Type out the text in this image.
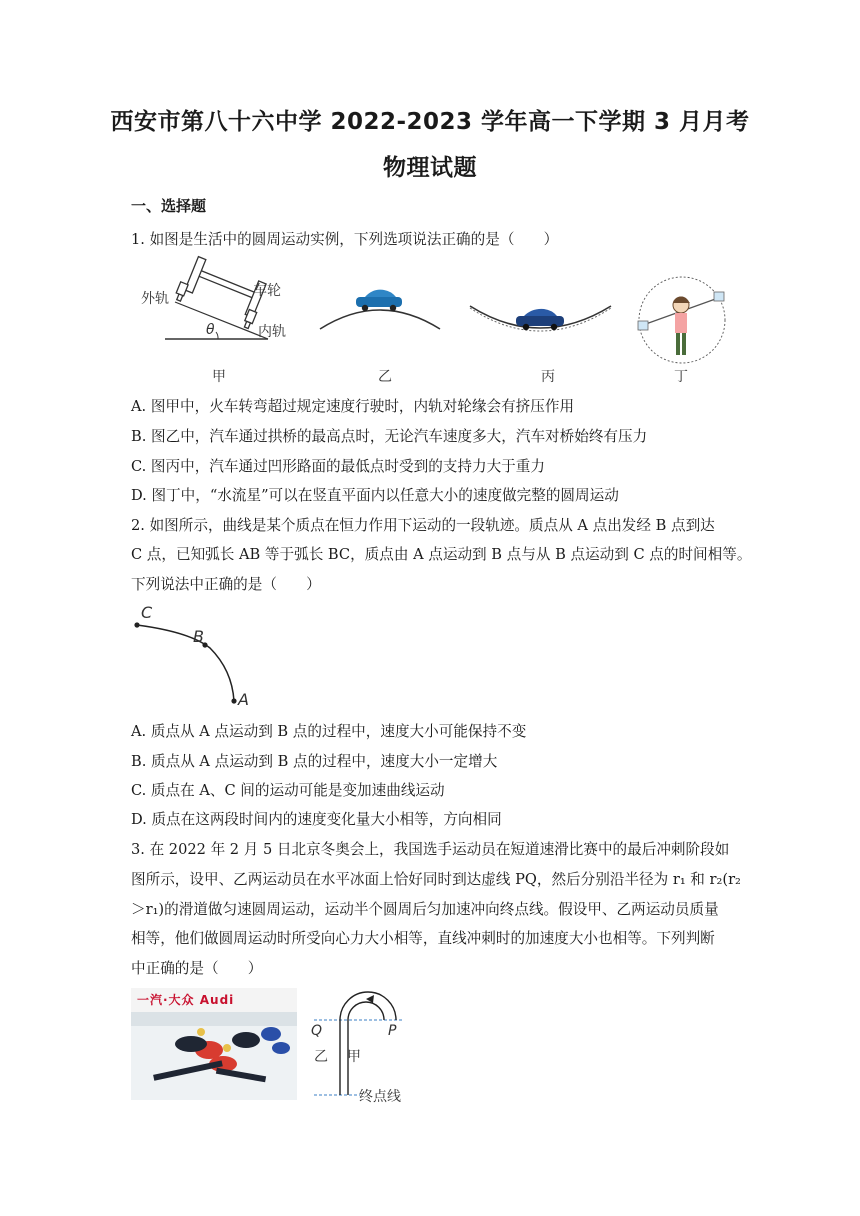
西安市第八十六中学 2022-2023 学年高一下学期 3 月月考
物理试题
一、选择题
1. 如图是生活中的圆周运动实例，下列选项说法正确的是（　　）
外轨	车轮
内轨
θ
甲	乙	丙	丁
A. 图甲中，火车转弯超过规定速度行驶时，内轨对轮缘会有挤压作用
B. 图乙中，汽车通过拱桥的最高点时，无论汽车速度多大，汽车对桥始终有压力
C. 图丙中，汽车通过凹形路面的最低点时受到的支持力大于重力
D. 图丁中，“水流星”可以在竖直平面内以任意大小的速度做完整的圆周运动
2. 如图所示，曲线是某个质点在恒力作用下运动的一段轨迹。质点从 A 点出发经 B 点到达
C 点，已知弧长 AB 等于弧长 BC，质点由 A 点运动到 B 点与从 B 点运动到 C 点的时间相等。
下列说法中正确的是（　　）
C
B
A
A. 质点从 A 点运动到 B 点的过程中，速度大小可能保持不变
B. 质点从 A 点运动到 B 点的过程中，速度大小一定增大
C. 质点在 A、C 间的运动可能是变加速曲线运动
D. 质点在这两段时间内的速度变化量大小相等，方向相同
3. 在 2022 年 2 月 5 日北京冬奥会上，我国选手运动员在短道速滑比赛中的最后冲刺阶段如
图所示，设甲、乙两运动员在水平冰面上恰好同时到达虚线 PQ，然后分别沿半径为 r₁ 和 r₂(r₂
＞r₁)的滑道做匀速圆周运动，运动半个圆周后匀加速冲向终点线。假设甲、乙两运动员质量
相等，他们做圆周运动时所受向心力大小相等，直线冲刺时的加速度大小也相等。下列判断
中正确的是（　　）
一汽·大众 Audi
Q	P
乙 甲
终点线
